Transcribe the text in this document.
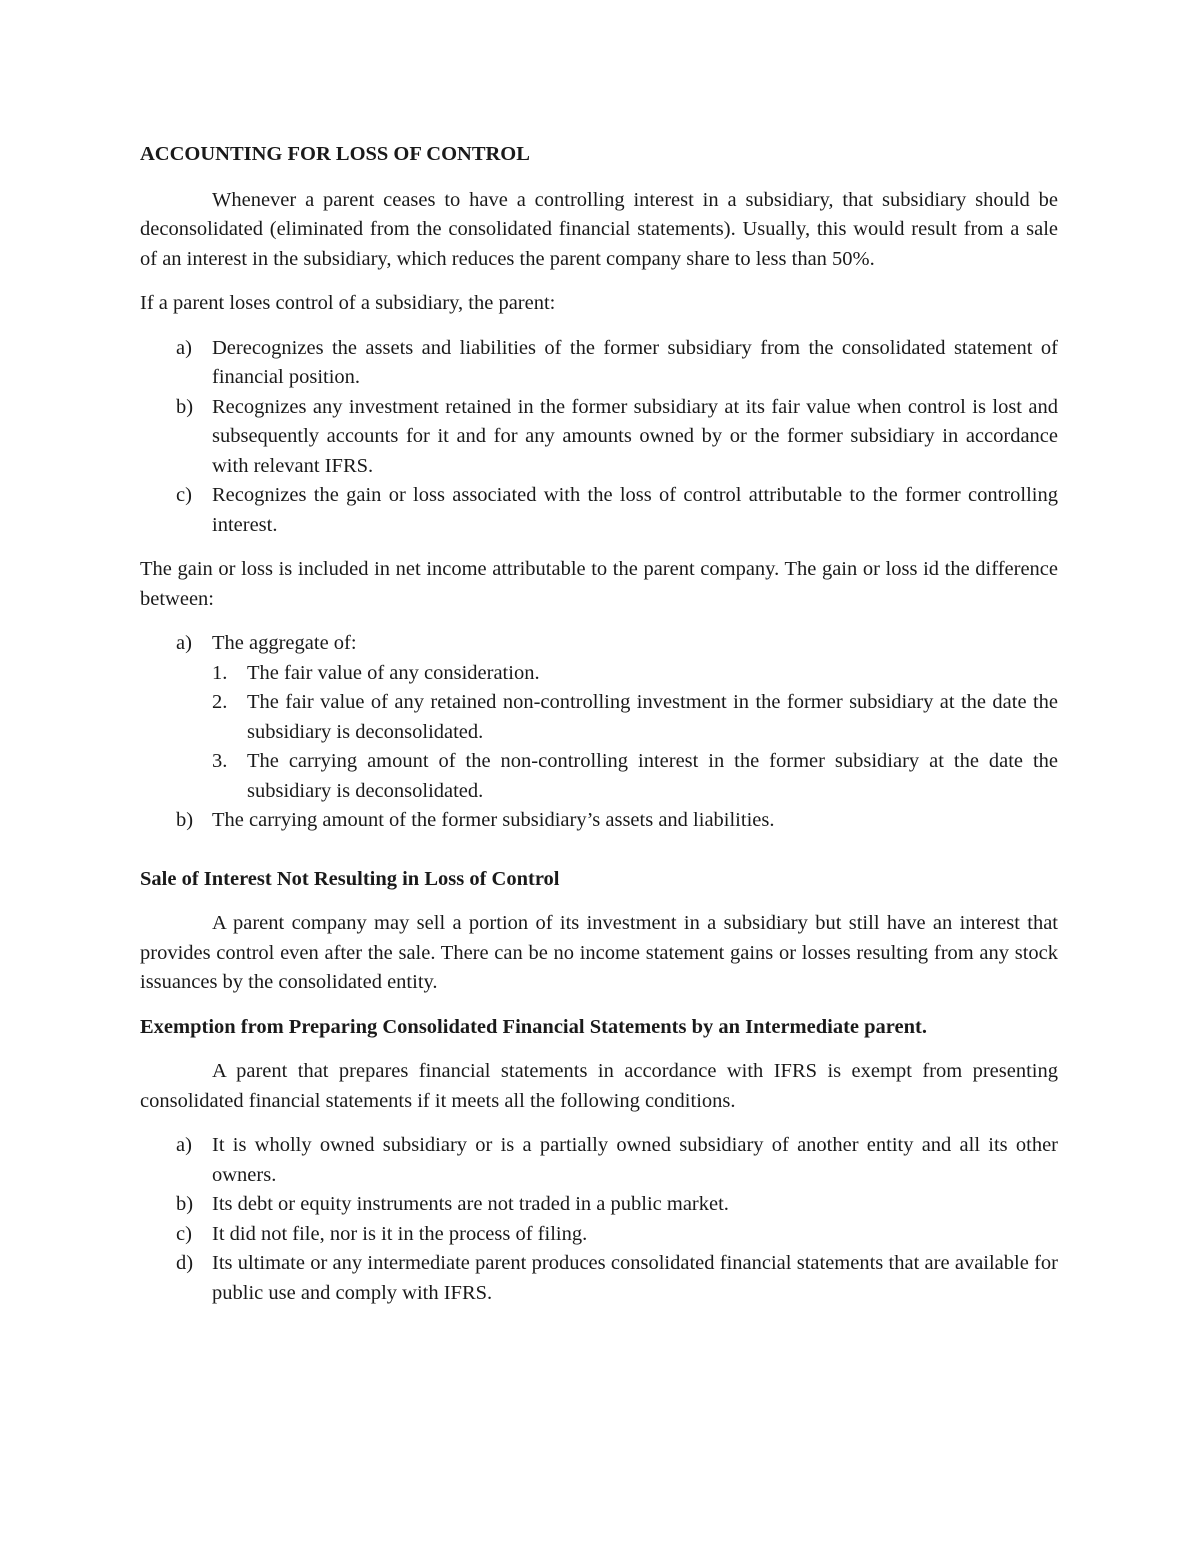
ACCOUNTING FOR LOSS OF CONTROL

Whenever a parent ceases to have a controlling interest in a subsidiary, that subsidiary should be deconsolidated (eliminated from the consolidated financial statements). Usually, this would result from a sale of an interest in the subsidiary, which reduces the parent company share to less than 50%.

If a parent loses control of a subsidiary, the parent:

a) Derecognizes the assets and liabilities of the former subsidiary from the consolidated statement of financial position.
b) Recognizes any investment retained in the former subsidiary at its fair value when control is lost and subsequently accounts for it and for any amounts owned by or the former subsidiary in accordance with relevant IFRS.
c) Recognizes the gain or loss associated with the loss of control attributable to the former controlling interest.

The gain or loss is included in net income attributable to the parent company. The gain or loss id the difference between:

a) The aggregate of:
1. The fair value of any consideration.
2. The fair value of any retained non-controlling investment in the former subsidiary at the date the subsidiary is deconsolidated.
3. The carrying amount of the non-controlling interest in the former subsidiary at the date the subsidiary is deconsolidated.
b) The carrying amount of the former subsidiary’s assets and liabilities.
Sale of Interest Not Resulting in Loss of Control

A parent company may sell a portion of its investment in a subsidiary but still have an interest that provides control even after the sale. There can be no income statement gains or losses resulting from any stock issuances by the consolidated entity.

Exemption from Preparing Consolidated Financial Statements by an Intermediate parent.

A parent that prepares financial statements in accordance with IFRS is exempt from presenting consolidated financial statements if it meets all the following conditions.

a) It is wholly owned subsidiary or is a partially owned subsidiary of another entity and all its other owners.
b) Its debt or equity instruments are not traded in a public market.
c) It did not file, nor is it in the process of filing.
d) Its ultimate or any intermediate parent produces consolidated financial statements that are available for public use and comply with IFRS.
